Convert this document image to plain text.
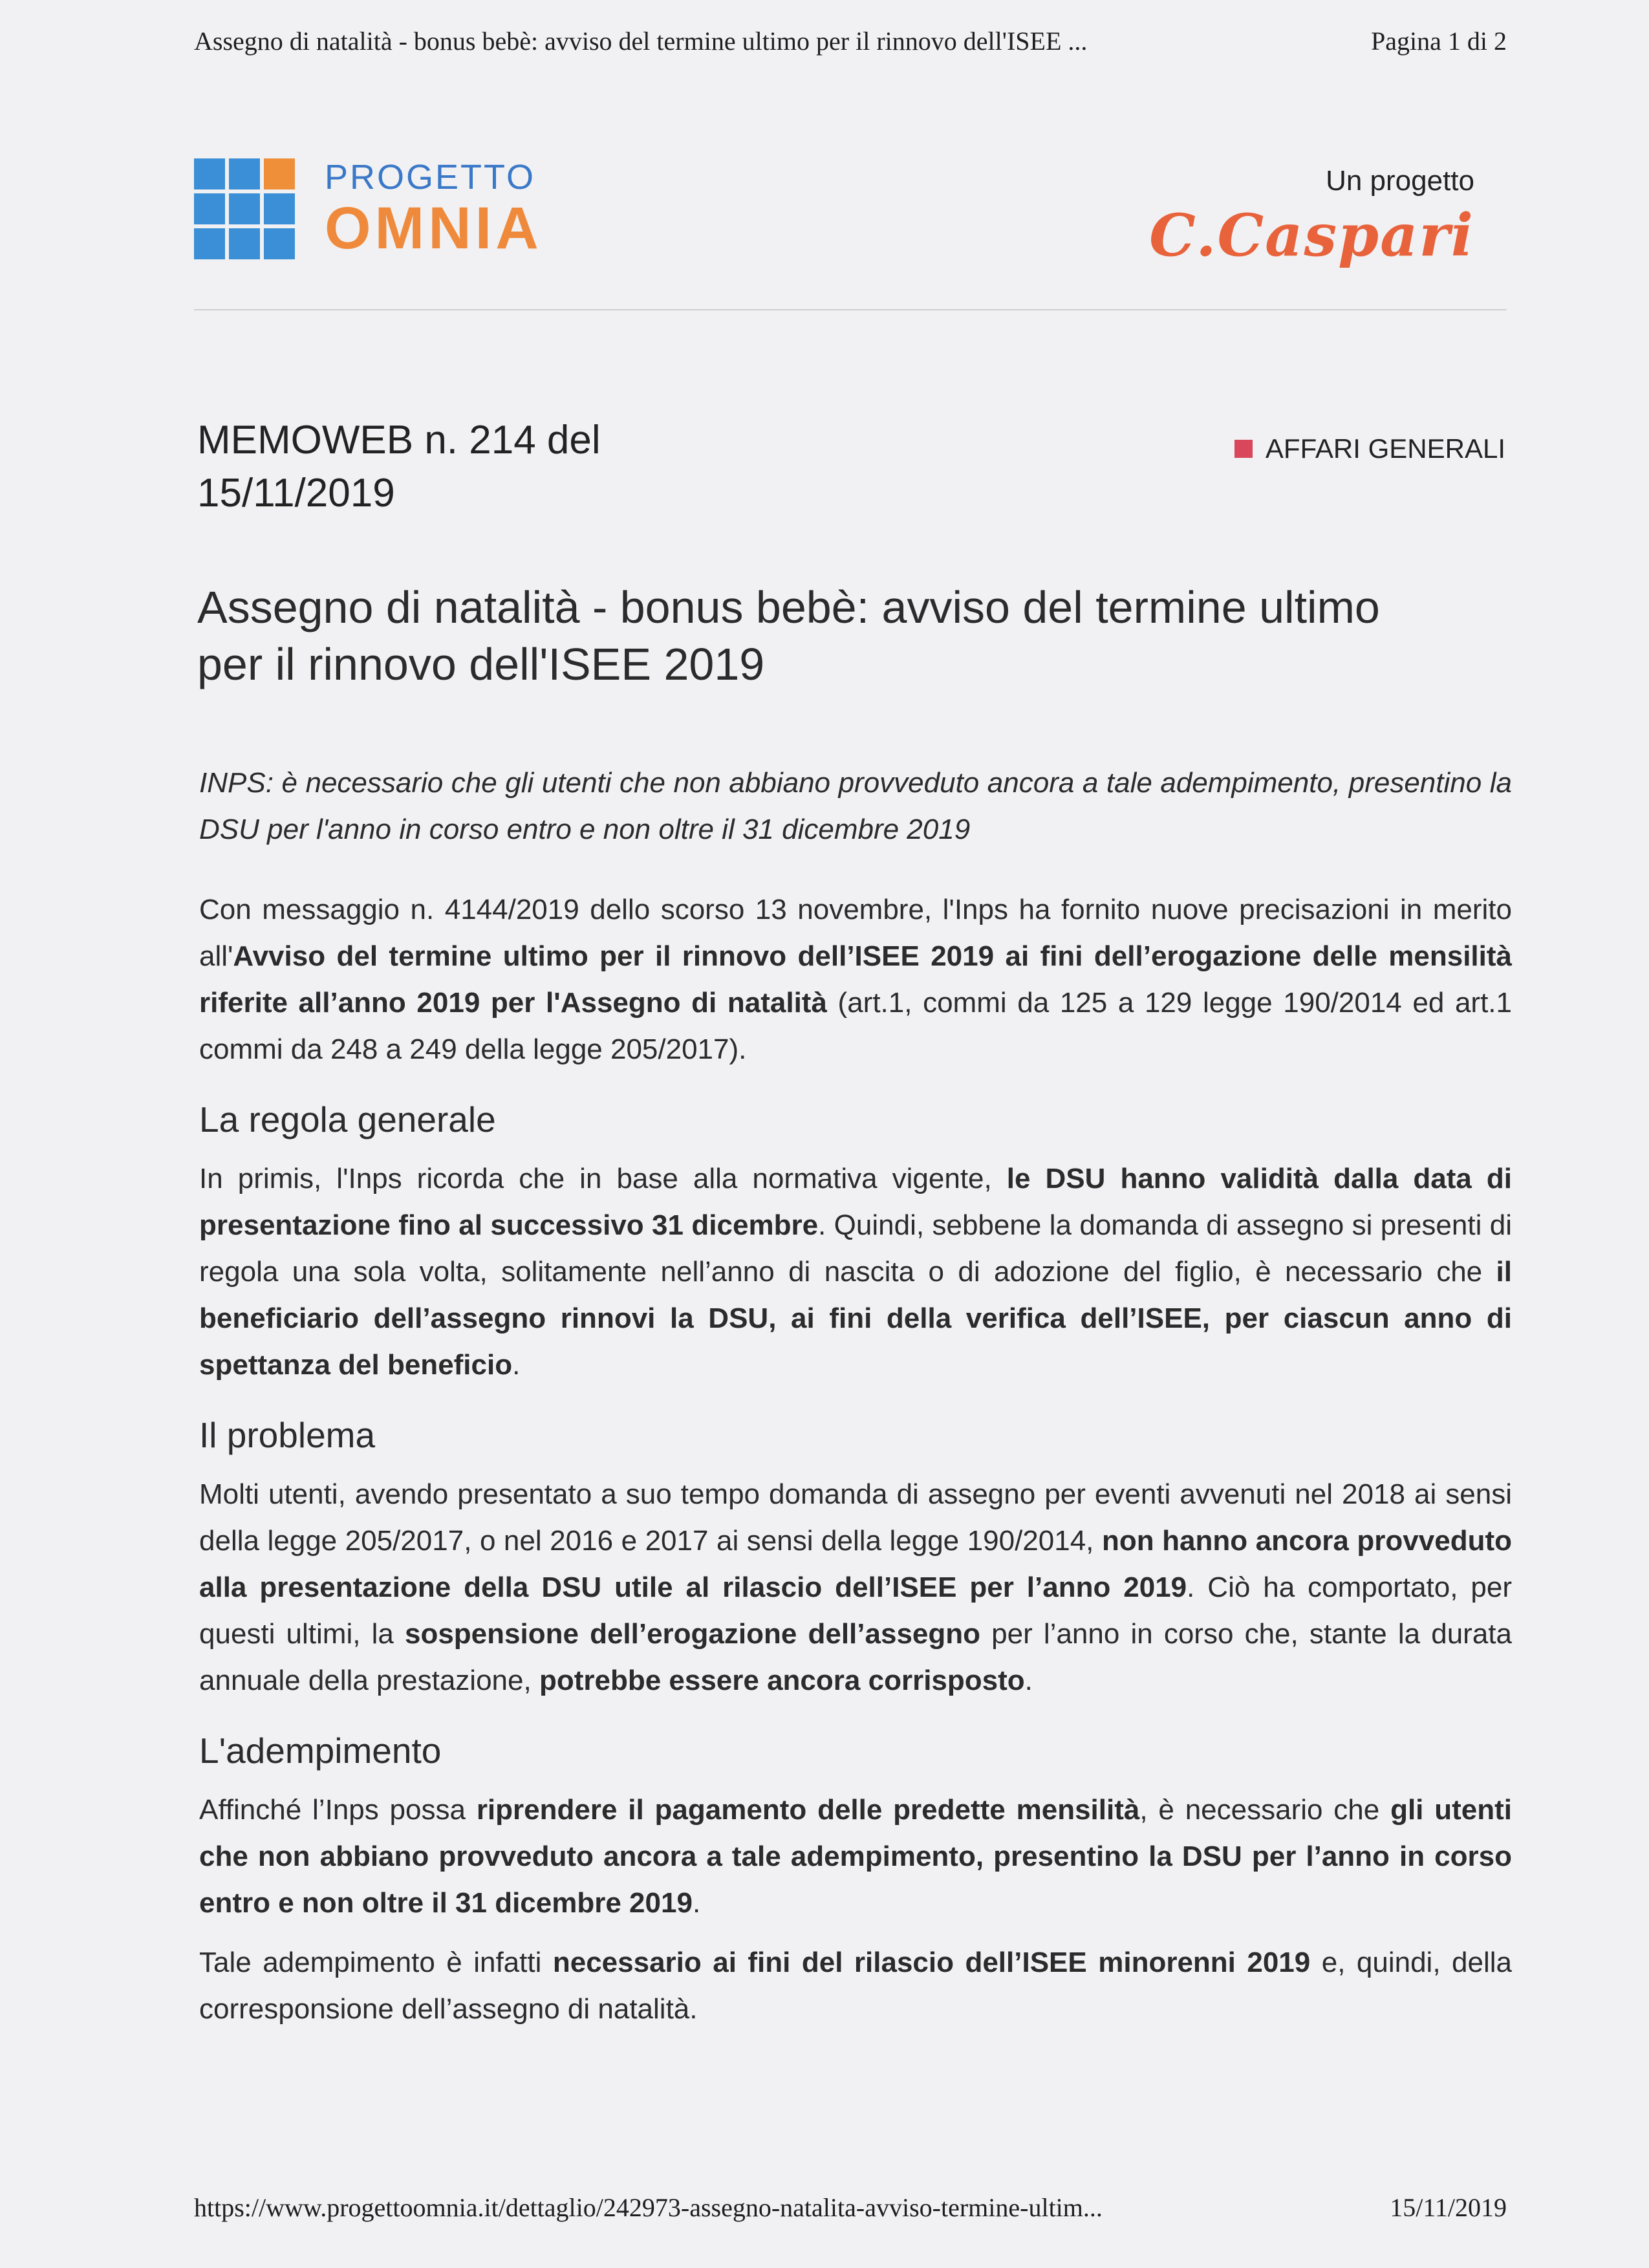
Assegno di natalità - bonus bebè: avviso del termine ultimo per il rinnovo dell'ISEE ...	Pagina 1 di 2
PROGETTO
OMNIA
Un progetto
C.Caspari
MEMOWEB n. 214 del
15/11/2019
AFFARI GENERALI
Assegno di natalità - bonus bebè: avviso del termine ultimo
per il rinnovo dell'ISEE 2019

INPS: è necessario che gli utenti che non abbiano provveduto ancora a tale adempimento, presentino la DSU per l'anno in corso entro e non oltre il 31 dicembre 2019

Con messaggio n. 4144/2019 dello scorso 13 novembre, l'Inps ha fornito nuove precisazioni in merito all'Avviso del termine ultimo per il rinnovo dell’ISEE 2019 ai fini dell’erogazione delle mensilità riferite all’anno 2019 per l'Assegno di natalità (art.1, commi da 125 a 129 legge 190/2014 ed art.1 commi da 248 a 249 della legge 205/2017).

La regola generale

In primis, l'Inps ricorda che in base alla normativa vigente, le DSU hanno validità dalla data di presentazione fino al successivo 31 dicembre. Quindi, sebbene la domanda di assegno si presenti di regola una sola volta, solitamente nell’anno di nascita o di adozione del figlio, è necessario che il beneficiario dell’assegno rinnovi la DSU, ai fini della verifica dell’ISEE, per ciascun anno di spettanza del beneficio.

Il problema

Molti utenti, avendo presentato a suo tempo domanda di assegno per eventi avvenuti nel 2018 ai sensi della legge 205/2017, o nel 2016 e 2017 ai sensi della legge 190/2014, non hanno ancora provveduto alla presentazione della DSU utile al rilascio dell’ISEE per l’anno 2019. Ciò ha comportato, per questi ultimi, la sospensione dell’erogazione dell’assegno per l’anno in corso che, stante la durata annuale della prestazione, potrebbe essere ancora corrisposto.

L'adempimento

Affinché l’Inps possa riprendere il pagamento delle predette mensilità, è necessario che gli utenti che non abbiano provveduto ancora a tale adempimento, presentino la DSU per l’anno in corso entro e non oltre il 31 dicembre 2019.

Tale adempimento è infatti necessario ai fini del rilascio dell’ISEE minorenni 2019 e, quindi, della corresponsione dell’assegno di natalità.

https://www.progettoomnia.it/dettaglio/242973-assegno-natalita-avviso-termine-ultim...	15/11/2019
